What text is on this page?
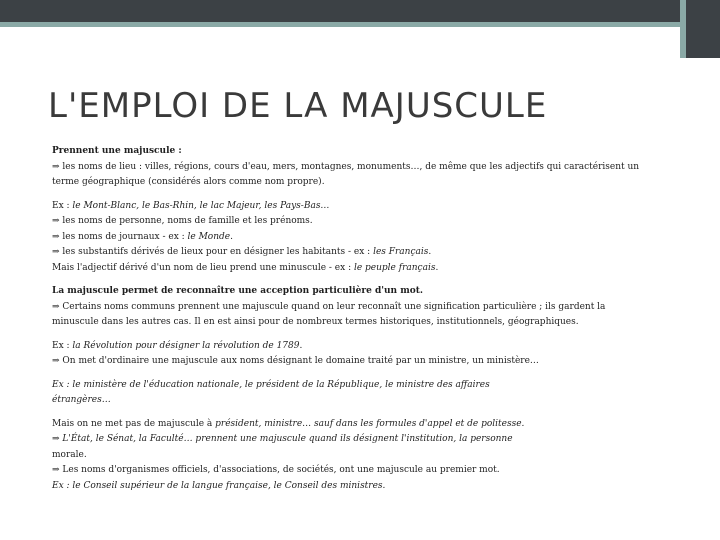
L'EMPLOI DE LA MAJUSCULE

Prennent une majuscule :

⇒ les noms de lieu : villes, régions, cours d'eau, mers, montagnes, monuments…, de même que les adjectifs qui caractérisent un

terme géographique (considérés alors comme nom propre).

Ex : le Mont-Blanc, le Bas-Rhin, le lac Majeur, les Pays-Bas…

⇒ les noms de personne, noms de famille et les prénoms.

⇒ les noms de journaux - ex : le Monde.

⇒ les substantifs dérivés de lieux pour en désigner les habitants - ex : les Français.

Mais l'adjectif dérivé d'un nom de lieu prend une minuscule - ex : le peuple français.

La majuscule permet de reconnaître une acception particulière d'un mot.

⇒ Certains noms communs prennent une majuscule quand on leur reconnaît une signification particulière ; ils gardent la

minuscule dans les autres cas. Il en est ainsi pour de nombreux termes historiques, institutionnels, géographiques.

Ex : la Révolution pour désigner la révolution de 1789.

⇒ On met d'ordinaire une majuscule aux noms désignant le domaine traité par un ministre, un ministère…

Ex : le ministère de l'éducation nationale, le président de la République, le ministre des affaires

étrangères…

Mais on ne met pas de majuscule à président, ministre… sauf dans les formules d'appel et de politesse.

⇒ L'État, le Sénat, la Faculté… prennent une majuscule quand ils désignent l'institution, la personne

morale.

⇒ Les noms d'organismes officiels, d'associations, de sociétés, ont une majuscule au premier mot.

Ex : le Conseil supérieur de la langue française, le Conseil des ministres.
